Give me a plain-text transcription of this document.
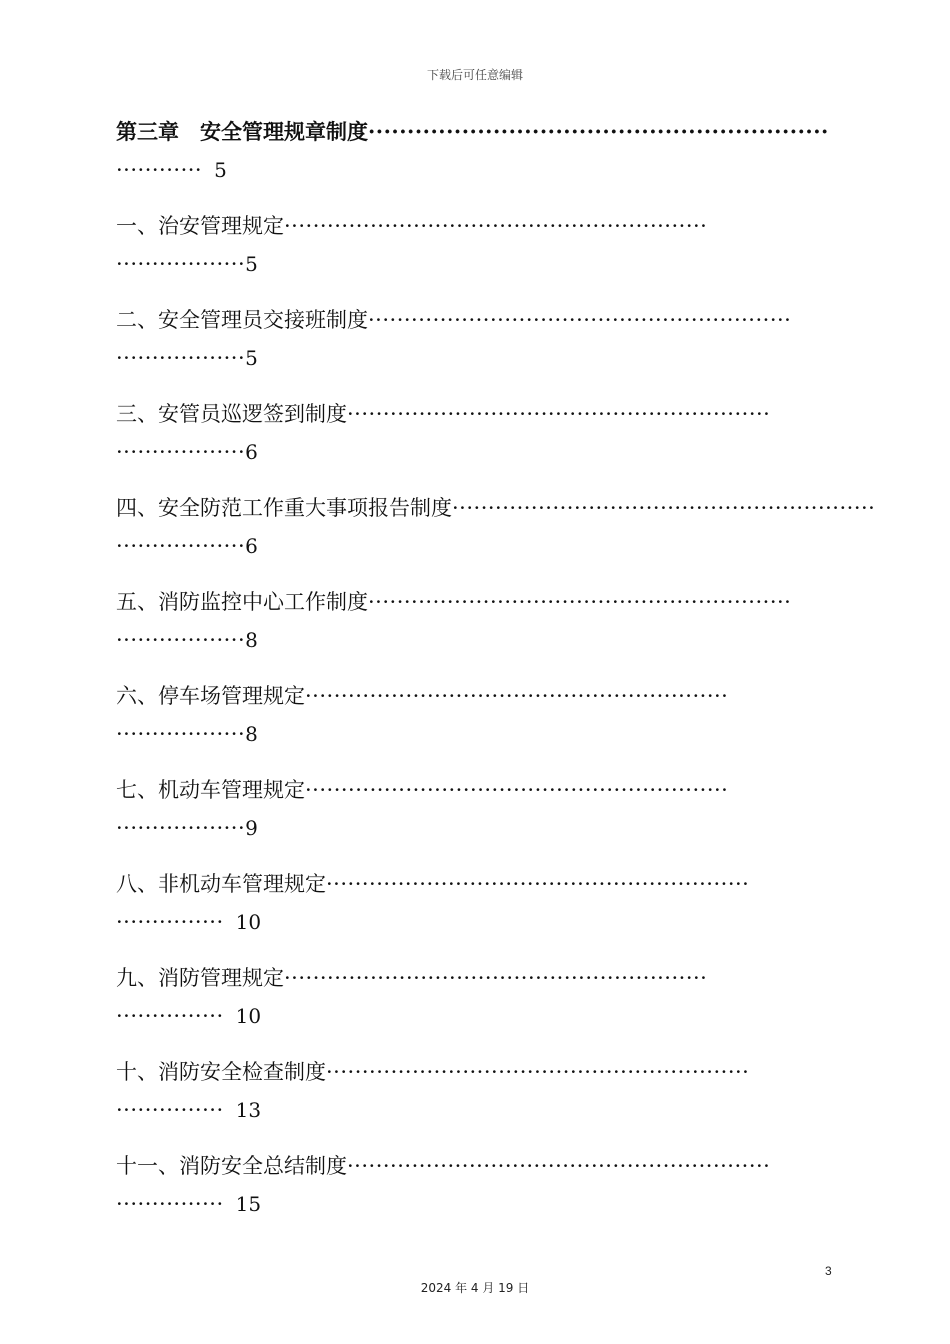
下载后可任意编辑
第三章　安全管理规章制度···························································
············ 5
一、治安管理规定···························································
··················5
二、安全管理员交接班制度···························································
··················5
三、安管员巡逻签到制度···························································
··················6
四、安全防范工作重大事项报告制度···························································
··················6
五、消防监控中心工作制度···························································
··················8
六、停车场管理规定···························································
··················8
七、机动车管理规定···························································
··················9
八、非机动车管理规定···························································
··············· 10
九、消防管理规定···························································
··············· 10
十、消防安全检查制度···························································
··············· 13
十一、消防安全总结制度···························································
··············· 15
3
2024 年 4 月 19 日
